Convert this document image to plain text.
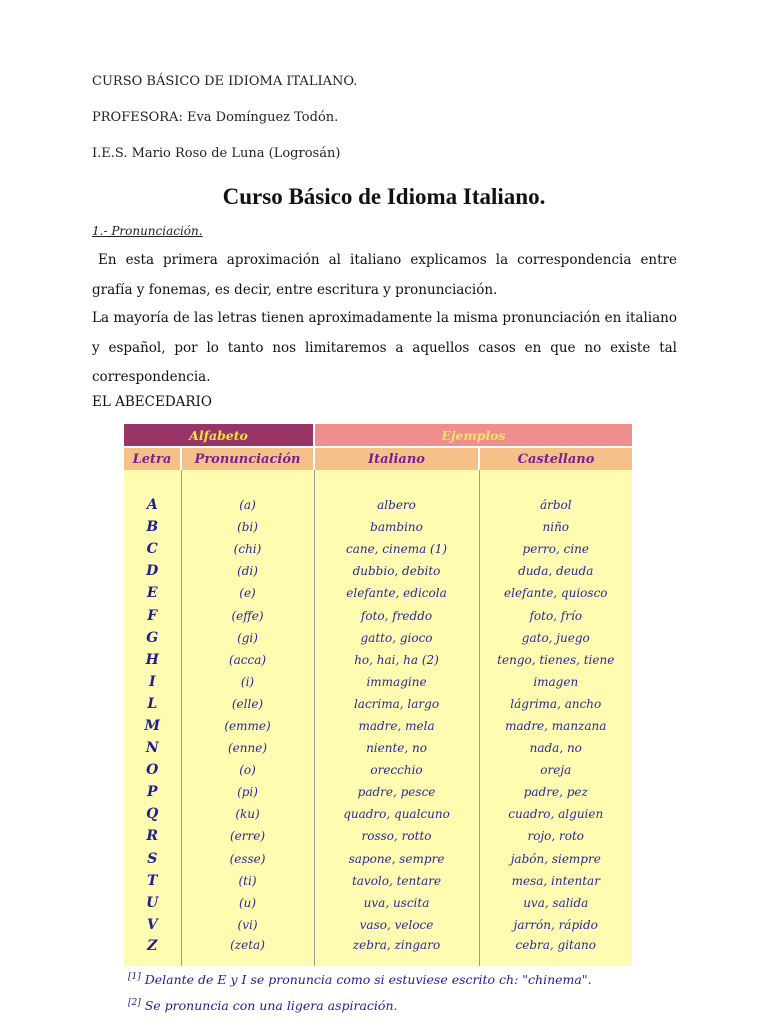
CURSO BÁSICO DE IDIOMA ITALIANO.
PROFESORA: Eva Domínguez Todón.
I.E.S. Mario Roso de Luna (Logrosán)
Curso Básico de Idioma Italiano.
1.- Pronunciación.
En esta primera aproximación al italiano explicamos la correspondencia entre grafía y fonemas, es decir, entre escritura y pronunciación.
La mayoría de las letras tienen aproximadamente la misma pronunciación en italiano y español, por lo tanto nos limitaremos a aquellos casos en que no existe tal correspondencia.
EL ABECEDARIO
Alfabeto		Ejemplos	
Letra	Pronunciación	Italiano	Castellano

A	(a)	albero	árbol
B	(bi)	bambino	niño
C	(chi)	cane, cinema (1)	perro, cine
D	(di)	dubbio, debito	duda, deuda
E	(e)	elefante, edicola	elefante, quiosco
F	(effe)	foto, freddo	foto, frío
G	(gi)	gatto, gioco	gato, juego
H	(acca)	ho, hai, ha (2)	tengo, tienes, tiene
I	(i)	immagine	imagen
L	(elle)	lacrima, largo	lágrima, ancho
M	(emme)	madre, mela	madre, manzana
N	(enne)	niente, no	nada, no
O	(o)	orecchio	oreja
P	(pi)	padre, pesce	padre, pez
Q	(ku)	quadro, qualcuno	cuadro, alguien
R	(erre)	rosso, rotto	rojo, roto
S	(esse)	sapone, sempre	jabón, siempre
T	(ti)	tavolo, tentare	mesa, intentar
U	(u)	uva, uscita	uva, salida
V	(vi)	vaso, veloce	jarrón, rápido
Z	(zeta)	zebra, zingaro	cebra, gitano
[1] Delante de E y I se pronuncia como si estuviese escrito ch: "chinema".
[2] Se pronuncia con una ligera aspiración.
